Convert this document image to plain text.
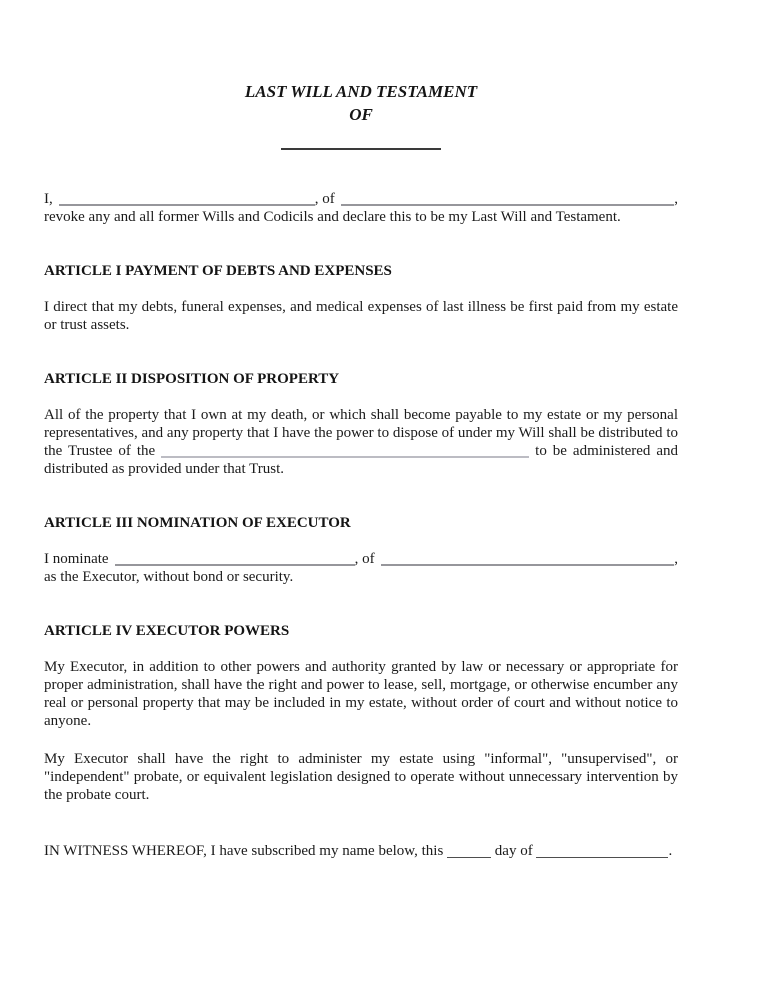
LAST WILL AND TESTAMENT
OF

I,	, of	,

revoke any and all former Wills and Codicils and declare this to be my Last Will and Testament.

ARTICLE I PAYMENT OF DEBTS AND EXPENSES

I direct that my debts, funeral expenses, and medical expenses of last illness be first paid from my estate or trust assets.

ARTICLE II DISPOSITION OF PROPERTY

All of the property that I own at my death, or which shall become payable to my estate or my personal representatives, and any property that I have the power to dispose of under my Will shall be distributed to the Trustee of the	to be administered and distributed as provided under that Trust.

ARTICLE III NOMINATION OF EXECUTOR

I nominate	, of	,

as the Executor, without bond or security.

ARTICLE IV EXECUTOR POWERS

My Executor, in addition to other powers and authority granted by law or necessary or appropriate for proper administration, shall have the right and power to lease, sell, mortgage, or otherwise encumber any real or personal property that may be included in my estate, without order of court and without notice to anyone.

My Executor shall have the right to administer my estate using "informal", "unsupervised", or "independent" probate, or equivalent legislation designed to operate without unnecessary intervention by the probate court.

IN WITNESS WHEREOF, I have subscribed my name below, this	day of	.
